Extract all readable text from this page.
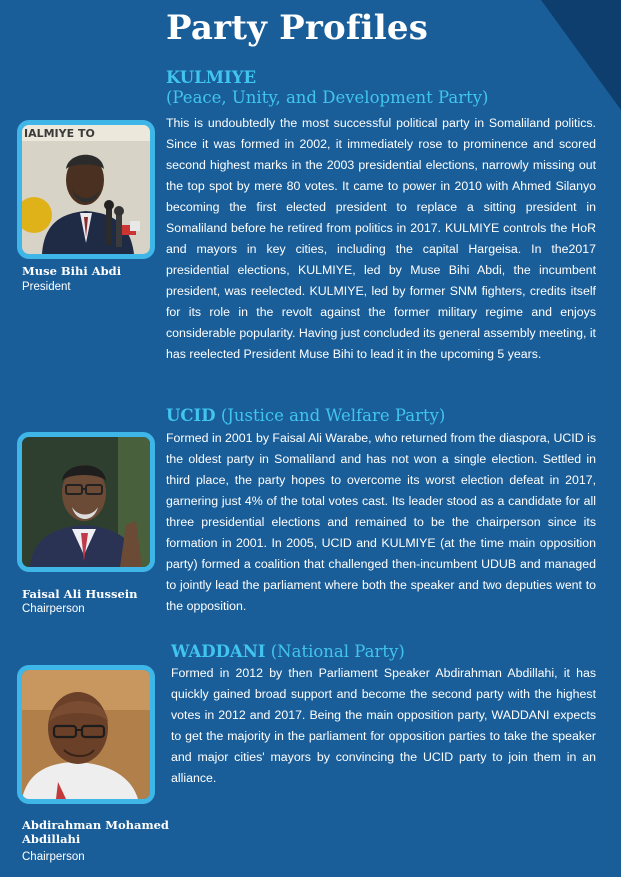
Party Profiles
KULMIYE
(Peace, Unity, and Development Party)
IALMIYE TO
Muse Bihi Abdi
President

This is undoubtedly the most successful political party in Somaliland politics. Since it was formed in 2002, it immediately rose to prominence and scored second highest marks in the 2003 presidential elections, narrowly missing out the top spot by mere 80 votes. It came to power in 2010 with Ahmed Silanyo becoming the first elected president to replace a sitting president in Somaliland before he retired from politics in 2017. KULMIYE controls the HoR and mayors in key cities, including the capital Hargeisa. In the2017 presidential elections, KULMIYE, led by Muse Bihi Abdi, the incumbent president, was reelected. KULMIYE, led by former SNM fighters, credits itself for its role in the revolt against the former military regime and enjoys considerable popularity. Having just concluded its general assembly meeting, it has reelected President Muse Bihi to lead it in the upcoming 5 years.

UCID (Justice and Welfare Party)
Faisal Ali Hussein
Chairperson

Formed in 2001 by Faisal Ali Warabe, who returned from the diaspora, UCID is the oldest party in Somaliland and has not won a single election. Settled in third place, the party hopes to overcome its worst election defeat in 2017, garnering just 4% of the total votes cast. Its leader stood as a candidate for all three presidential elections and remained to be the chairperson since its formation in 2001. In 2005, UCID and KULMIYE (at the time main opposition party) formed a coalition that challenged then-incumbent UDUB and managed to jointly lead the parliament where both the speaker and two deputies went to the opposition.

WADDANI (National Party)
Abdirahman Mohamed Abdillahi
Chairperson

Formed in 2012 by then Parliament Speaker Abdirahman Abdillahi, it has quickly gained broad support and become the second party with the highest votes in 2012 and 2017. Being the main opposition party, WADDANI expects to get the majority in the parliament for opposition parties to take the speaker and major cities' mayors by convincing the UCID party to join them in an alliance.
